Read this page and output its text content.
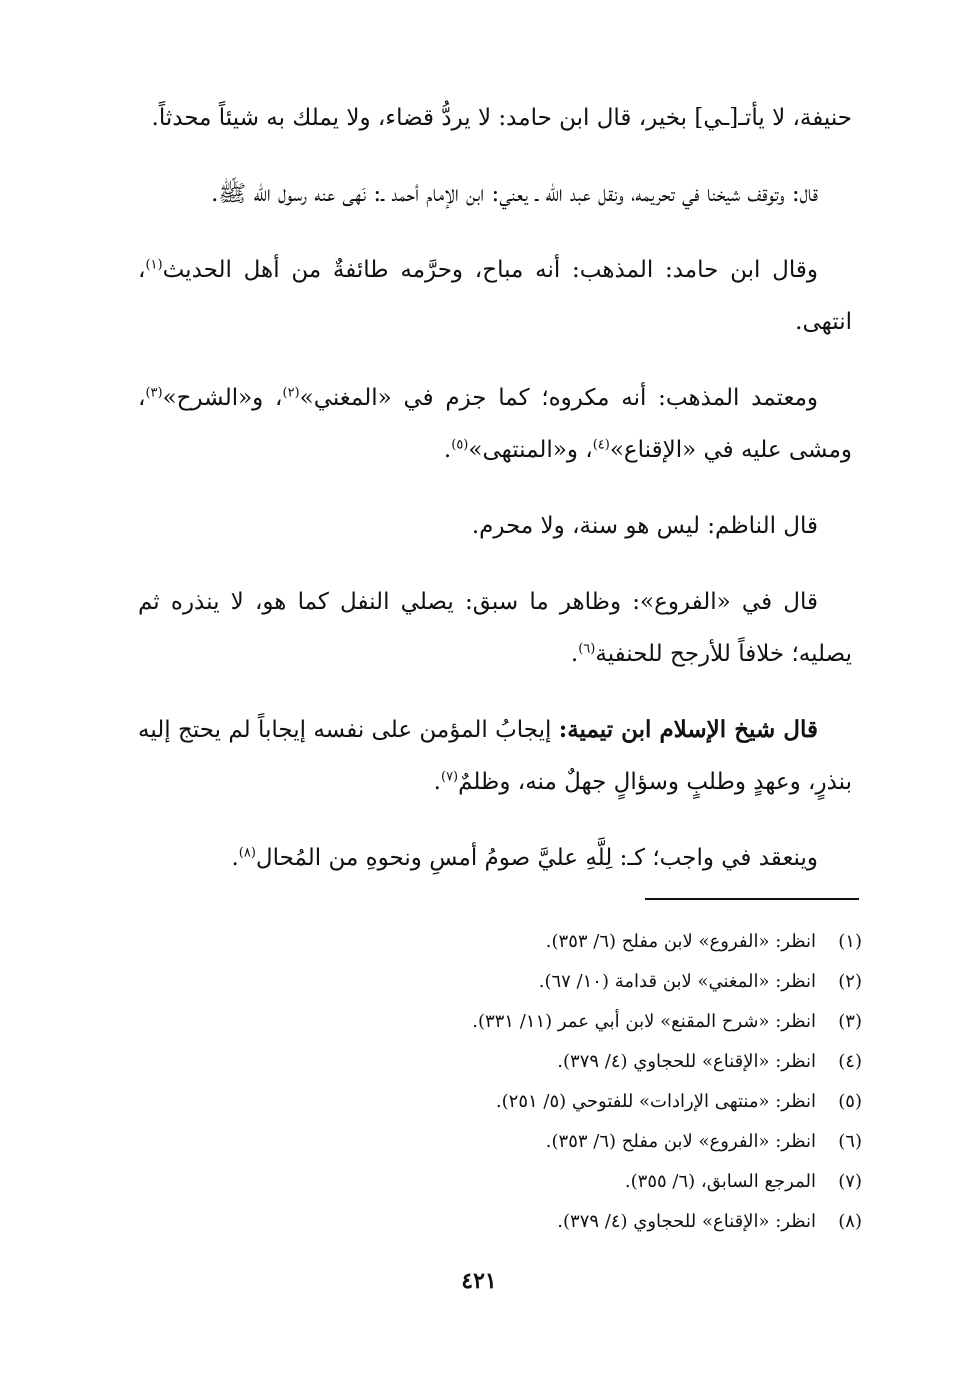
حنيفة، لا يأتـ[ـي] بخير، قال ابن حامد: لا يردُّ قضاء، ولا يملك به شيئاً محدثاً.

قال: وتوقف شيخنا في تحريمه، ونقل عبد الله ـ يعني: ابن الإمام أحمد ـ: نَهى عنه رسول الله ﷺ.

وقال ابن حامد: المذهب: أنه مباح، وحرَّمه طائفةٌ من أهل الحديث$^{(١)}$، انتهى.

ومعتمد المذهب: أنه مكروه؛ كما جزم في «المغني»$^{(٢)}$، و«الشرح»$^{(٣)}$، ومشى عليه في «الإقناع»$^{(٤)}$، و«المنتهى»$^{(٥)}$.

قال الناظم: ليس هو سنة، ولا محرم.

قال في «الفروع»: وظاهر ما سبق: يصلي النفل كما هو، لا ينذره ثم يصليه؛ خلافاً للأرجح للحنفية$^{(٦)}$.

قال شيخ الإسلام ابن تيمية: إيجابُ المؤمن على نفسه إيجاباً لم يحتج إليه بنذرٍ، وعهدٍ وطلبٍ وسؤالٍ جهلٌ منه، وظلمٌ$^{(٧)}$.

وينعقد في واجب؛ كـ: لِلَّهِ عليَّ صومُ أمسِ ونحوهِ من المُحال$^{(٨)}$.

(١)
انظر: «الفروع» لابن مفلح (٦/ ٣٥٣).
(٢)
انظر: «المغني» لابن قدامة (١٠/ ٦٧).
(٣)
انظر: «شرح المقنع» لابن أبي عمر (١١/ ٣٣١).
(٤)
انظر: «الإقناع» للحجاوي (٤/ ٣٧٩).
(٥)
انظر: «منتهى الإرادات» للفتوحي (٥/ ٢٥١).
(٦)
انظر: «الفروع» لابن مفلح (٦/ ٣٥٣).
(٧)
المرجع السابق، (٦/ ٣٥٥).
(٨)
انظر: «الإقناع» للحجاوي (٤/ ٣٧٩).
٤٢١
